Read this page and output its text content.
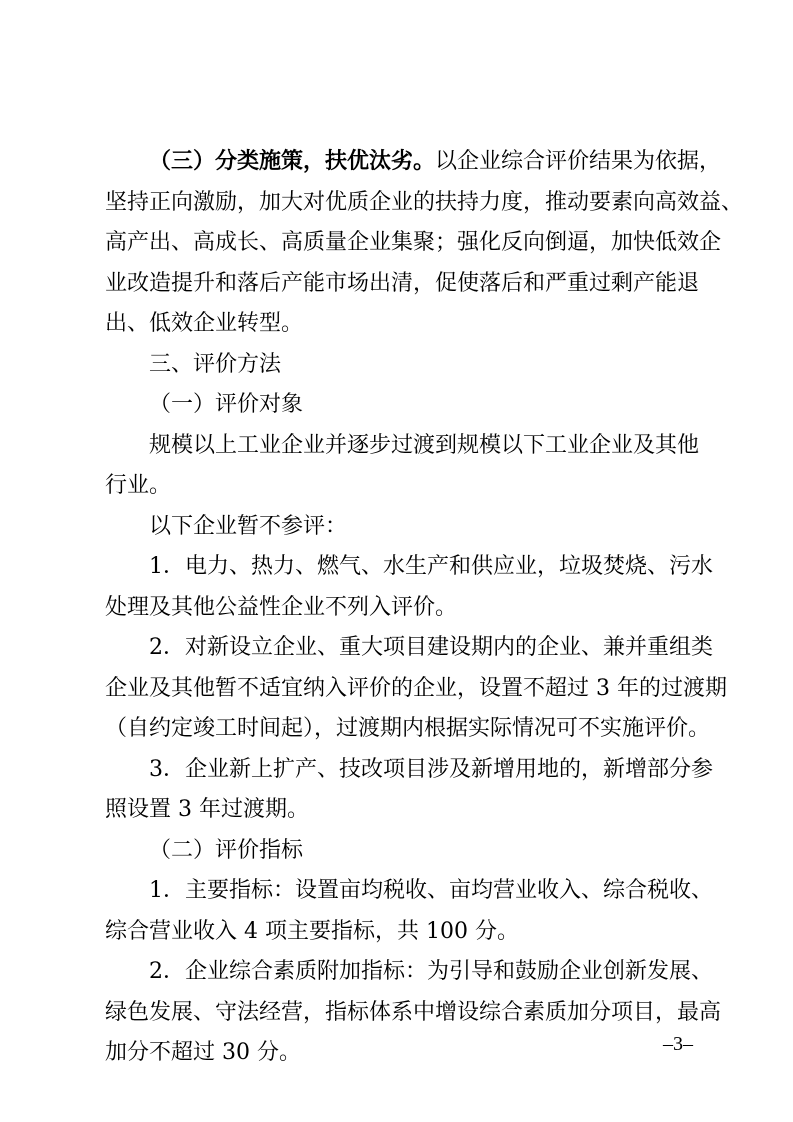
（三）分类施策，扶优汰劣。以企业综合评价结果为依据，
坚持正向激励，加大对优质企业的扶持力度，推动要素向高效益、
高产出、高成长、高质量企业集聚；强化反向倒逼，加快低效企
业改造提升和落后产能市场出清，促使落后和严重过剩产能退
出、低效企业转型。
三、评价方法
（一）评价对象
规模以上工业企业并逐步过渡到规模以下工业企业及其他
行业。
以下企业暂不参评：
1．电力、热力、燃气、水生产和供应业，垃圾焚烧、污水
处理及其他公益性企业不列入评价。
2．对新设立企业、重大项目建设期内的企业、兼并重组类
企业及其他暂不适宜纳入评价的企业，设置不超过 3 年的过渡期
（自约定竣工时间起），过渡期内根据实际情况可不实施评价。
3．企业新上扩产、技改项目涉及新增用地的，新增部分参
照设置 3 年过渡期。
（二）评价指标
1．主要指标：设置亩均税收、亩均营业收入、综合税收、
综合营业收入 4 项主要指标，共 100 分。
2．企业综合素质附加指标：为引导和鼓励企业创新发展、
绿色发展、守法经营，指标体系中增设综合素质加分项目，最高
加分不超过 30 分。	–3–
